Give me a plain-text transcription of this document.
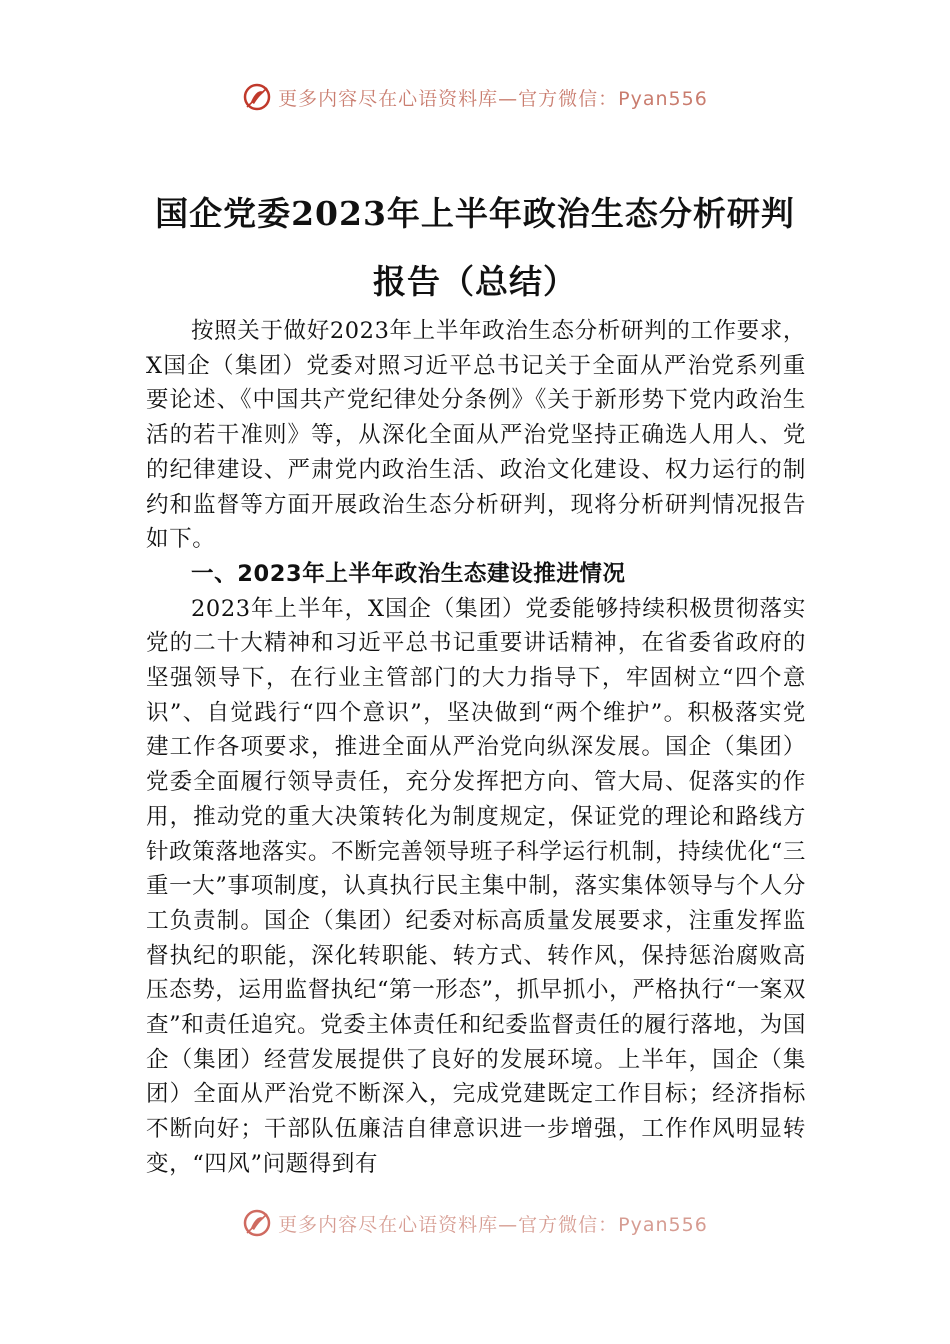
更多内容尽在心语资料库—官方微信：Pyan556
国企党委2023年上半年政治生态分析研判
报告（总结）

按照关于做好2023年上半年政治生态分析研判的工作要求，X国企（集团）党委对照习近平总书记关于全面从严治党系列重要论述、《中国共产党纪律处分条例》《关于新形势下党内政治生活的若干准则》等，从深化全面从严治党坚持正确选人用人、党的纪律建设、严肃党内政治生活、政治文化建设、权力运行的制约和监督等方面开展政治生态分析研判，现将分析研判情况报告如下。

一、2023年上半年政治生态建设推进情况

2023年上半年，X国企（集团）党委能够持续积极贯彻落实党的二十大精神和习近平总书记重要讲话精神，在省委省政府的坚强领导下，在行业主管部门的大力指导下，牢固树立“四个意识”、自觉践行“四个意识”，坚决做到“两个维护”。积极落实党建工作各项要求，推进全面从严治党向纵深发展。国企（集团）党委全面履行领导责任，充分发挥把方向、管大局、促落实的作用，推动党的重大决策转化为制度规定，保证党的理论和路线方针政策落地落实。不断完善领导班子科学运行机制，持续优化“三重一大”事项制度，认真执行民主集中制，落实集体领导与个人分工负责制。国企（集团）纪委对标高质量发展要求，注重发挥监督执纪的职能，深化转职能、转方式、转作风，保持惩治腐败高压态势，运用监督执纪“第一形态”，抓早抓小，严格执行“一案双查”和责任追究。党委主体责任和纪委监督责任的履行落地，为国企（集团）经营发展提供了良好的发展环境。上半年，国企（集团）全面从严治党不断深入，完成党建既定工作目标；经济指标不断向好；干部队伍廉洁自律意识进一步增强，工作作风明显转变，“四风”问题得到有

更多内容尽在心语资料库—官方微信：Pyan556
